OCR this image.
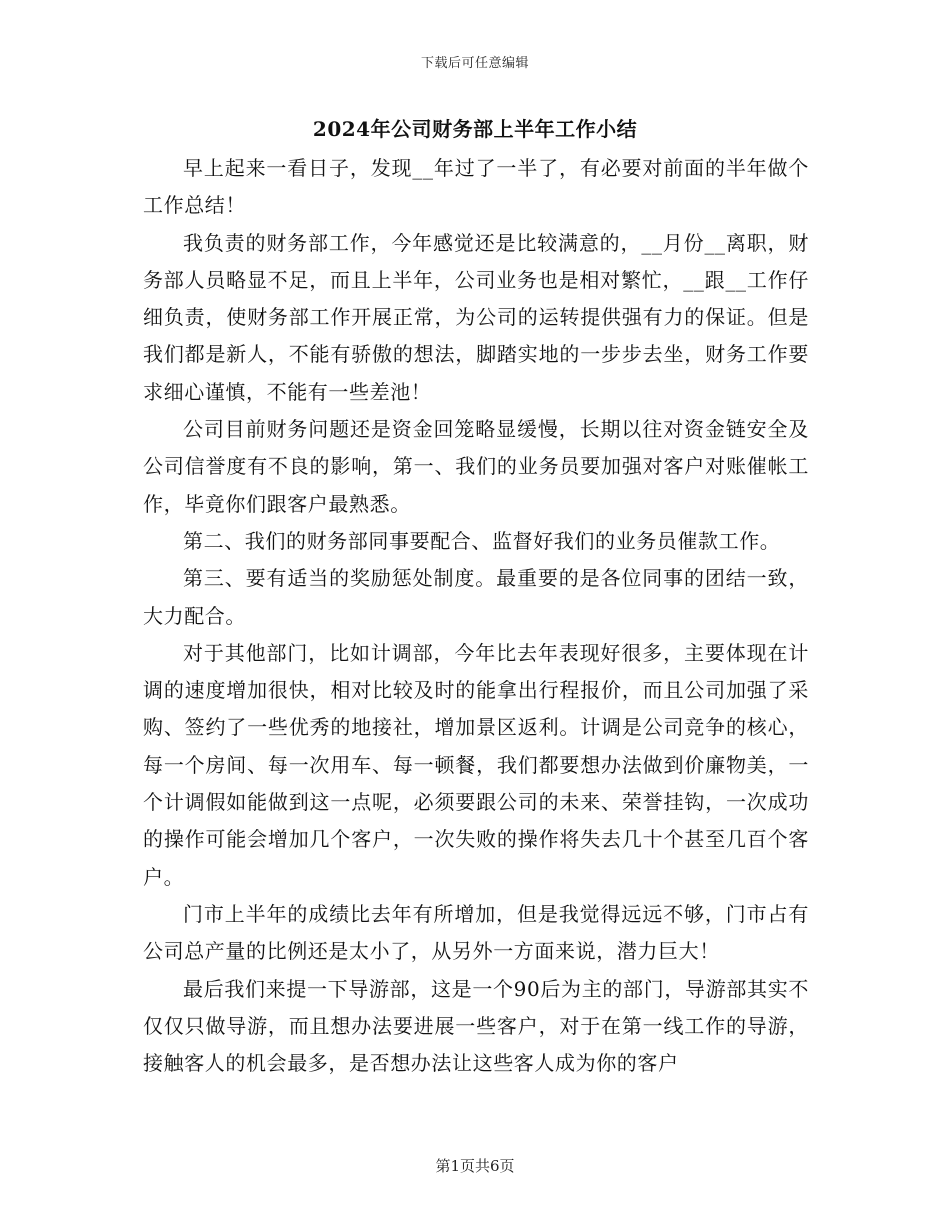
下载后可任意编辑
2024年公司财务部上半年工作小结

早上起来一看日子，发现__年过了一半了，有必要对前面的半年做个工作总结！

我负责的财务部工作，今年感觉还是比较满意的，__月份__离职，财务部人员略显不足，而且上半年，公司业务也是相对繁忙，__跟__工作仔细负责，使财务部工作开展正常，为公司的运转提供强有力的保证。但是我们都是新人，不能有骄傲的想法，脚踏实地的一步步去坐，财务工作要求细心谨慎，不能有一些差池！

公司目前财务问题还是资金回笼略显缓慢，长期以往对资金链安全及公司信誉度有不良的影响，第一、我们的业务员要加强对客户对账催帐工作，毕竟你们跟客户最熟悉。

第二、我们的财务部同事要配合、监督好我们的业务员催款工作。

第三、要有适当的奖励惩处制度。最重要的是各位同事的团结一致，大力配合。

对于其他部门，比如计调部，今年比去年表现好很多，主要体现在计调的速度增加很快，相对比较及时的能拿出行程报价，而且公司加强了采购、签约了一些优秀的地接社，增加景区返利。计调是公司竞争的核心，每一个房间、每一次用车、每一顿餐，我们都要想办法做到价廉物美，一个计调假如能做到这一点呢，必须要跟公司的未来、荣誉挂钩，一次成功的操作可能会增加几个客户，一次失败的操作将失去几十个甚至几百个客户。

门市上半年的成绩比去年有所增加，但是我觉得远远不够，门市占有公司总产量的比例还是太小了，从另外一方面来说，潜力巨大！

最后我们来提一下导游部，这是一个90后为主的部门，导游部其实不仅仅只做导游，而且想办法要进展一些客户，对于在第一线工作的导游，接触客人的机会最多，是否想办法让这些客人成为你的客户

第1页共6页
